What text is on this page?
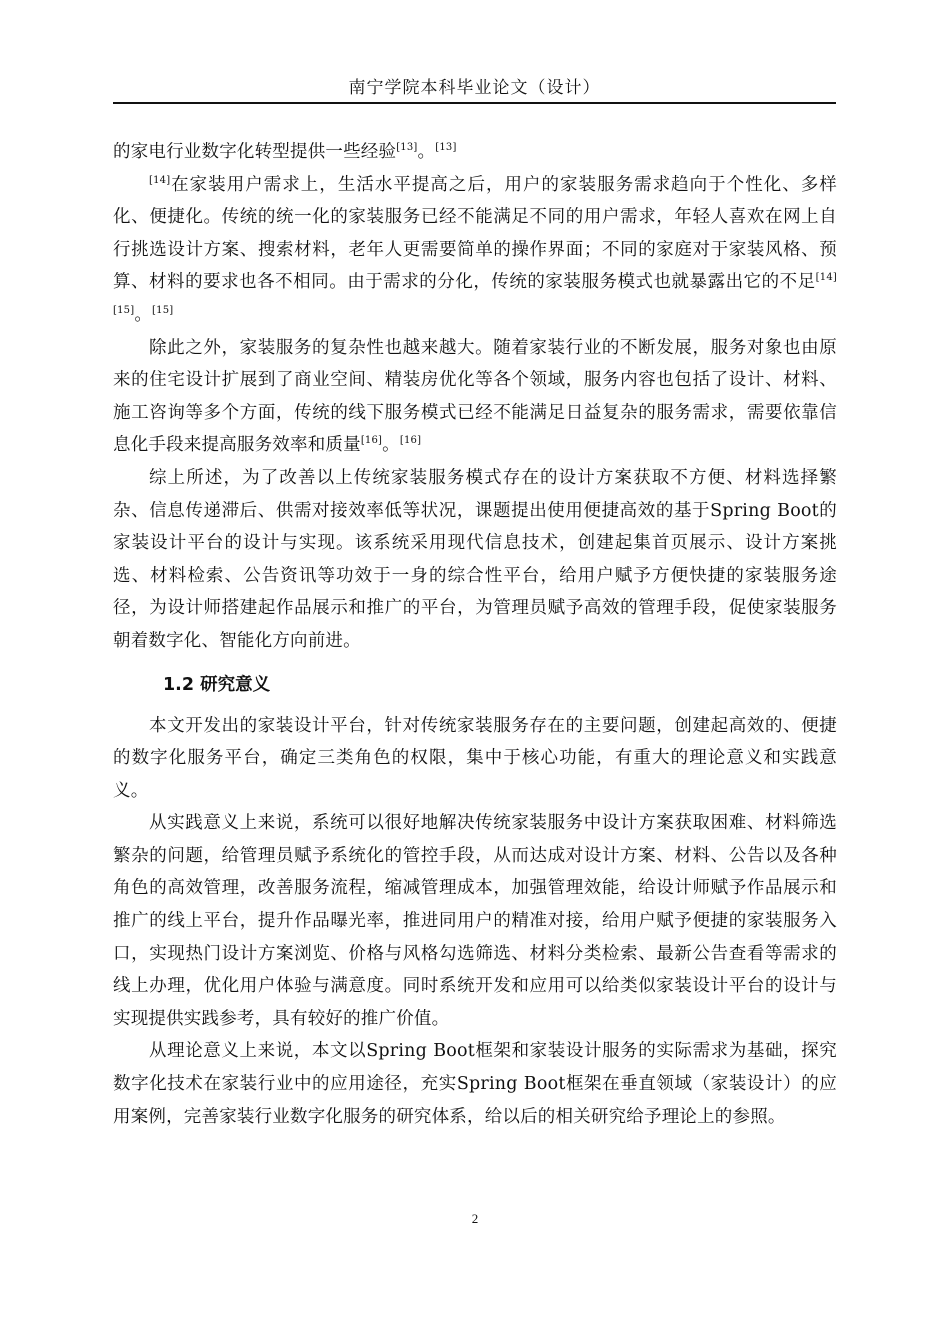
南宁学院本科毕业论文（设计）

的家电行业数字化转型提供一些经验[13]。[13]

[14]在家装用户需求上，生活水平提高之后，用户的家装服务需求趋向于个性化、多样化、便捷化。传统的统一化的家装服务已经不能满足不同的用户需求，年轻人喜欢在网上自行挑选设计方案、搜索材料，老年人更需要简单的操作界面；不同的家庭对于家装风格、预算、材料的要求也各不相同。由于需求的分化，传统的家装服务模式也就暴露出它的不足[14][15]。[15]

除此之外，家装服务的复杂性也越来越大。随着家装行业的不断发展，服务对象也由原来的住宅设计扩展到了商业空间、精装房优化等各个领域，服务内容也包括了设计、材料、施工咨询等多个方面，传统的线下服务模式已经不能满足日益复杂的服务需求，需要依靠信息化手段来提高服务效率和质量[16]。[16]

综上所述，为了改善以上传统家装服务模式存在的设计方案获取不方便、材料选择繁杂、信息传递滞后、供需对接效率低等状况，课题提出使用便捷高效的基于Spring Boot的家装设计平台的设计与实现。该系统采用现代信息技术，创建起集首页展示、设计方案挑选、材料检索、公告资讯等功效于一身的综合性平台，给用户赋予方便快捷的家装服务途径，为设计师搭建起作品展示和推广的平台，为管理员赋予高效的管理手段，促使家装服务朝着数字化、智能化方向前进。

1.2 研究意义

本文开发出的家装设计平台，针对传统家装服务存在的主要问题，创建起高效的、便捷的数字化服务平台，确定三类角色的权限，集中于核心功能，有重大的理论意义和实践意义。

从实践意义上来说，系统可以很好地解决传统家装服务中设计方案获取困难、材料筛选繁杂的问题，给管理员赋予系统化的管控手段，从而达成对设计方案、材料、公告以及各种角色的高效管理，改善服务流程，缩减管理成本，加强管理效能，给设计师赋予作品展示和推广的线上平台，提升作品曝光率，推进同用户的精准对接，给用户赋予便捷的家装服务入口，实现热门设计方案浏览、价格与风格勾选筛选、材料分类检索、最新公告查看等需求的线上办理，优化用户体验与满意度。同时系统开发和应用可以给类似家装设计平台的设计与实现提供实践参考，具有较好的推广价值。

从理论意义上来说，本文以Spring Boot框架和家装设计服务的实际需求为基础，探究数字化技术在家装行业中的应用途径，充实Spring Boot框架在垂直领域（家装设计）的应用案例，完善家装行业数字化服务的研究体系，给以后的相关研究给予理论上的参照。

2
